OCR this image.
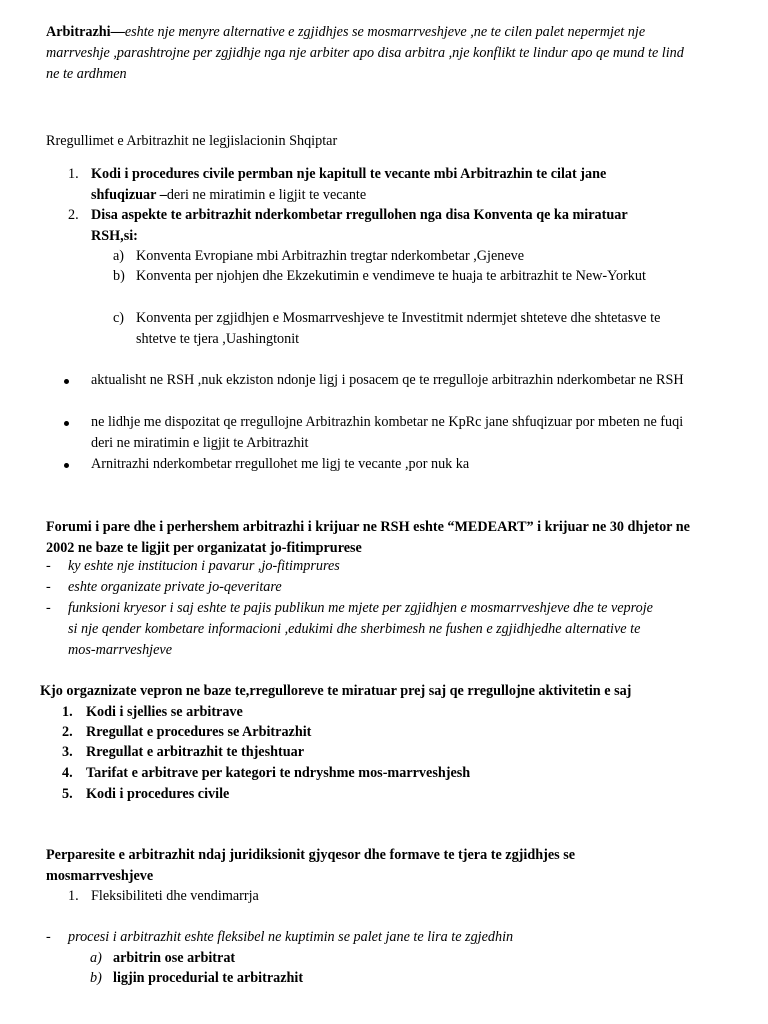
Arbitrazhi—eshte nje menyre alternative e zgjidhjes se mosmarrveshjeve ,ne te cilen palet nepermjet nje marrveshje ,parashtrojne per zgjidhje nga nje arbiter apo disa arbitra ,nje konflikt te lindur apo qe mund te lind ne te ardhmen
Rregullimet e Arbitrazhit ne legjislacionin Shqiptar
1. Kodi i procedures civile permban nje kapitull te vecante mbi Arbitrazhin te cilat jane shfuqizuar –deri ne miratimin e ligjit te vecante
2. Disa aspekte te arbitrazhit nderkombetar rregullohen nga disa Konventa qe ka miratuar RSH,si:
a) Konventa Evropiane mbi Arbitrazhin tregtar nderkombetar ,Gjeneve
b) Konventa per njohjen dhe Ekzekutimin e vendimeve te huaja te arbitrazhit te New-Yorkut
c) Konventa per zgjidhjen e Mosmarrveshjeve te Investitmit ndermjet shteteve dhe shtetasve te shtetve te tjera ,Uashingtonit
aktualisht ne RSH ,nuk ekziston ndonje ligj i posacem qe te rregulloje arbitrazhin nderkombetar ne RSH
ne lidhje me dispozitat qe rregullojne Arbitrazhin kombetar ne KpRc jane shfuqizuar por mbeten ne fuqi deri ne miratimin e ligjit te Arbitrazhit
Arnitrazhi nderkombetar rregullohet me ligj te vecante ,por nuk ka
Forumi i pare dhe i perhershem arbitrazhi i krijuar ne RSH eshte “MEDEART” i krijuar ne 30 dhjetor ne 2002 ne baze te ligjit per organizatat jo-fitimprurese
-	ky eshte nje institucion i pavarur ,jo-fitimprures
-	eshte organizate private jo-qeveritare
-	funksioni kryesor i saj eshte te pajis publikun me mjete per zgjidhjen e mosmarrveshjeve dhe te veproje si nje qender kombetare informacioni ,edukimi dhe sherbimesh ne fushen e zgjidhjedhe alternative te mos-marrveshjeve
Kjo orgaznizate vepron ne baze te,rregulloreve te miratuar prej saj qe rregullojne aktivitetin e saj
1. Kodi i sjellies se arbitrave
2. Rregullat e procedures se Arbitrazhit
3. Rregullat e arbitrazhit te thjeshtuar
4. Tarifat e arbitrave per kategori te ndryshme mos-marrveshjesh
5. Kodi i procedures civile
Perparesite e arbitrazhit ndaj juridiksionit gjyqesor dhe formave te tjera te zgjidhjes se mosmarrveshjeve
1. Fleksibiliteti dhe vendimarrja
-	procesi i arbitrazhit eshte fleksibel ne kuptimin se palet jane te lira te zgjedhin
a) arbitrin ose arbitrat
b) ligjin procedurial te arbitrazhit
